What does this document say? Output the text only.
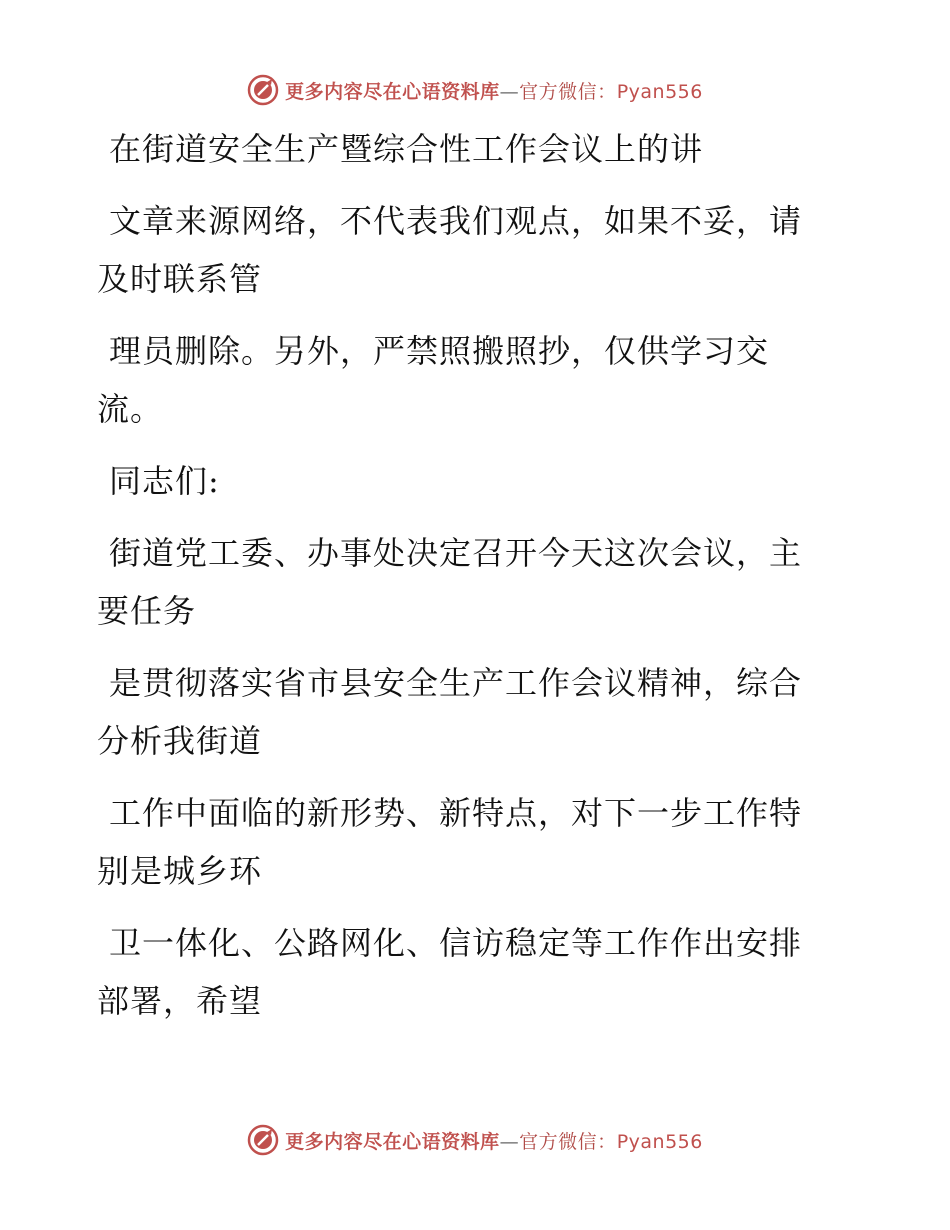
更多内容尽在心语资料库—官方微信：Pyan556
在街道安全生产暨综合性工作会议上的讲
文章来源网络，不代表我们观点，如果不妥，请
及时联系管
理员删除。另外，严禁照搬照抄，仅供学习交
流。
同志们:
街道党工委、办事处决定召开今天这次会议，主
要任务
是贯彻落实省市县安全生产工作会议精神，综合
分析我街道
工作中面临的新形势、新特点，对下一步工作特
别是城乡环
卫一体化、公路网化、信访稳定等工作作出安排
部署，希望
更多内容尽在心语资料库—官方微信：Pyan556
